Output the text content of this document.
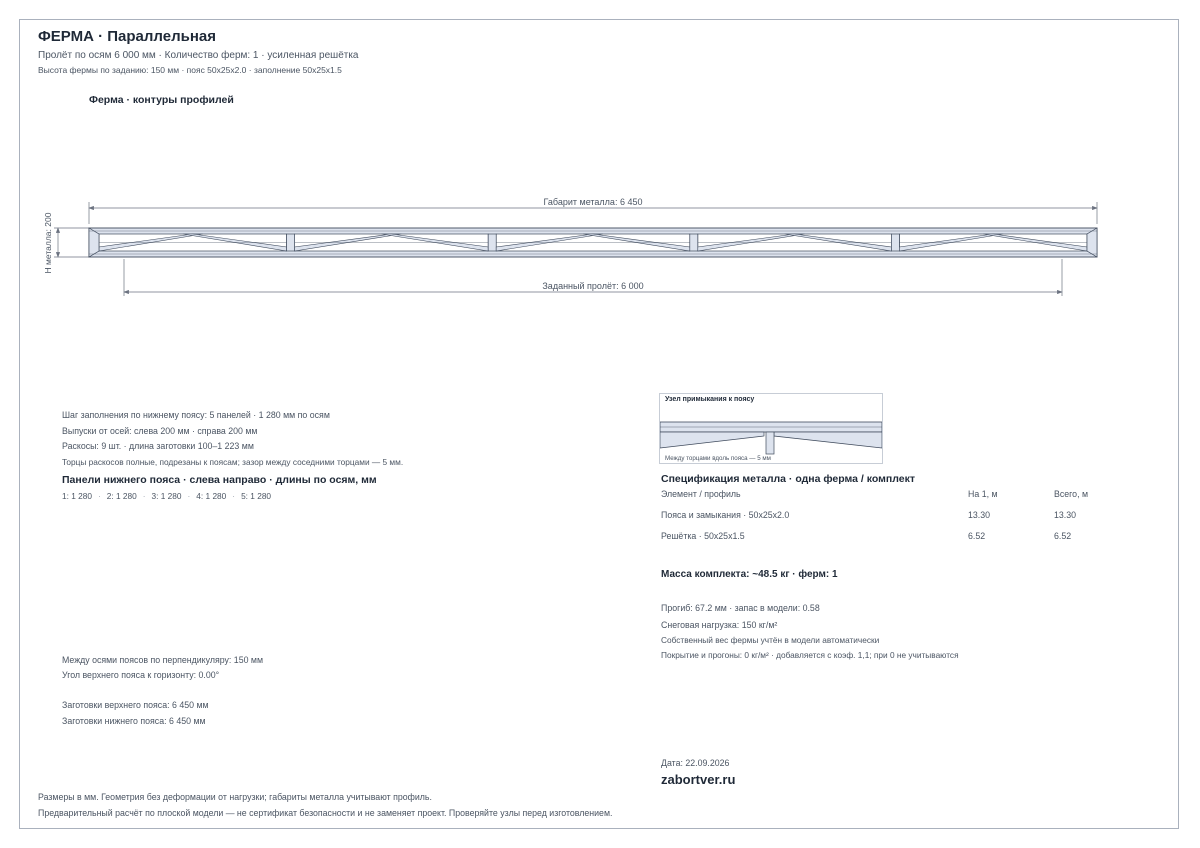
ФЕРМА · Параллельная
Пролёт по осям 6 000 мм · Количество ферм: 1 · усиленная решётка
Высота фермы по заданию: 150 мм · пояс 50x25x2.0 · заполнение 50x25x1.5
Ферма · контуры профилей
Габарит металла: 6 450
H металла: 200
Заданный пролёт: 6 000
Шаг заполнения по нижнему поясу: 5 панелей · 1 280 мм по осям
Выпуски от осей: слева 200 мм · справа 200 мм
Раскосы: 9 шт. · длина заготовки 100–1 223 мм
Торцы раскосов полные, подрезаны к поясам; зазор между соседними торцами — 5 мм.
Панели нижнего пояса · слева направо · длины по осям, мм
1: 1 280 · 2: 1 280 · 3: 1 280 · 4: 1 280 · 5: 1 280
Между осями поясов по перпендикуляру: 150 мм
Угол верхнего пояса к горизонту: 0.00°
Заготовки верхнего пояса: 6 450 мм
Заготовки нижнего пояса: 6 450 мм
Узел примыкания к поясу
Между торцами вдоль пояса — 5 мм
Спецификация металла · одна ферма / комплект
Элемент / профиль	На 1, м	Всего, м
Пояса и замыкания · 50x25x2.0	13.30	13.30
Решётка · 50x25x1.5	6.52	6.52
Масса комплекта: ~48.5 кг · ферм: 1
Прогиб: 67.2 мм · запас в модели: 0.58
Снеговая нагрузка: 150 кг/м²
Собственный вес фермы учтён в модели автоматически
Покрытие и прогоны: 0 кг/м² · добавляется с коэф. 1,1; при 0 не учитываются
Дата: 22.09.2026
zabortver.ru
Размеры в мм. Геометрия без деформации от нагрузки; габариты металла учитывают профиль.
Предварительный расчёт по плоской модели — не сертификат безопасности и не заменяет проект. Проверяйте узлы перед изготовлением.
